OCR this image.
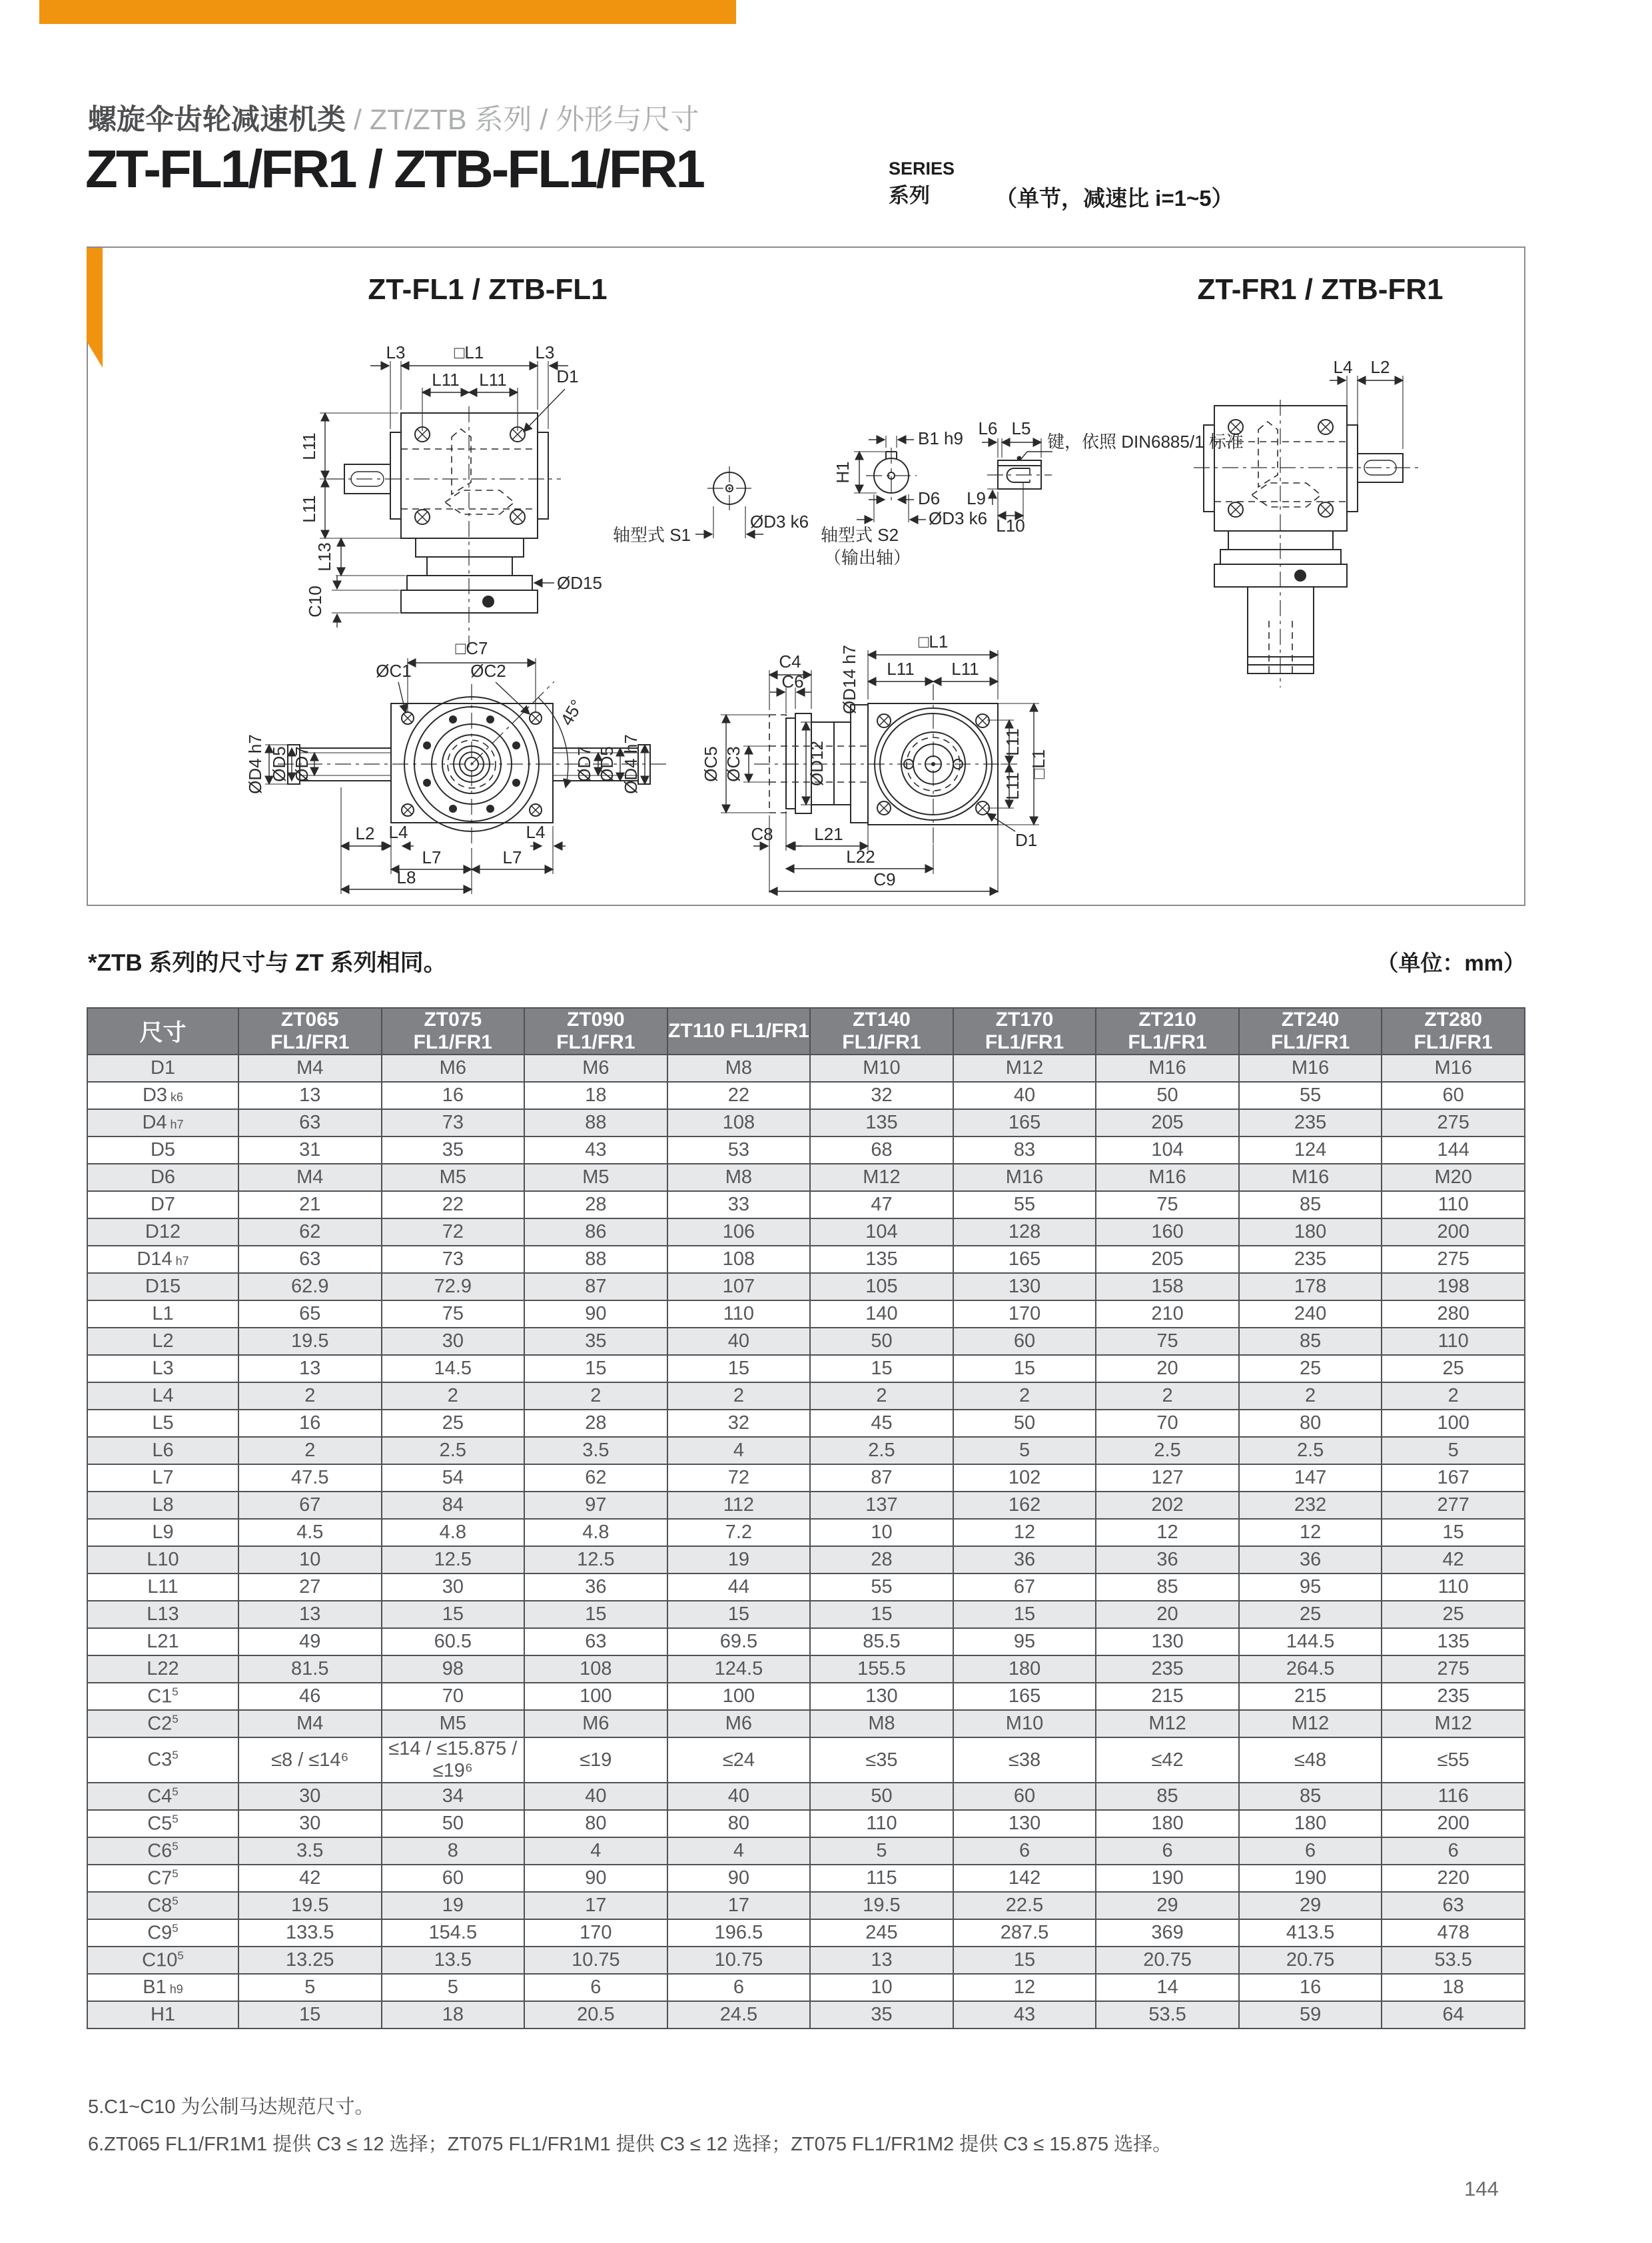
螺旋伞齿轮减速机类 / ZT/ZTB 系列 / 外形与尺寸
ZT-FL1/FR1 / ZTB-FL1/FR1	SERIES
系列	（单节，减速比 i=1~5）
ZT-FL1 / ZTB-FL1	ZT-FR1 / ZTB-FR1
L3	□L1	L3
L11 L11	D1
L11
L11
L13
C10
ØD15
□C7
ØC1	ØC2
45°
ØD4 h7 ØD5 ØD7	ØD7 ØD5 ØD4 h7
L2 L4	L4
L7	L7
L8
轴型式 S1
ØD3 k6
B1 h9
H1
D6
ØD3 k6
轴型式 S2
（输出轴）
L6 L5
键，依照 DIN6885/1 标准
L9
L10
L4 L2
C4
C6 ØD14 h7
□L1
L11 L11
ØC5 ØC3	ØD12	L11
L11
□L1
C8 L21
L22
C9
D1
*ZTB 系列的尺寸与 ZT 系列相同。	（单位：mm）
尺寸	ZT065 FL1/FR1	ZT075 FL1/FR1	ZT090 FL1/FR1	ZT110 FL1/FR1	ZT140 FL1/FR1	ZT170 FL1/FR1	ZT210 FL1/FR1	ZT240 FL1/FR1	ZT280 FL1/FR1
D1	M4	M6	M6	M8	M10	M12	M16	M16	M16
D3 k6	13	16	18	22	32	40	50	55	60
D4 h7	63	73	88	108	135	165	205	235	275
D5	31	35	43	53	68	83	104	124	144
D6	M4	M5	M5	M8	M12	M16	M16	M16	M20
D7	21	22	28	33	47	55	75	85	110
D12	62	72	86	106	104	128	160	180	200
D14 h7	63	73	88	108	135	165	205	235	275
D15	62.9	72.9	87	107	105	130	158	178	198
L1	65	75	90	110	140	170	210	240	280
L2	19.5	30	35	40	50	60	75	85	110
L3	13	14.5	15	15	15	15	20	25	25
L4	2	2	2	2	2	2	2	2	2
L5	16	25	28	32	45	50	70	80	100
L6	2	2.5	3.5	4	2.5	5	2.5	2.5	5
L7	47.5	54	62	72	87	102	127	147	167
L8	67	84	97	112	137	162	202	232	277
L9	4.5	4.8	4.8	7.2	10	12	12	12	15
L10	10	12.5	12.5	19	28	36	36	36	42
L11	27	30	36	44	55	67	85	95	110
L13	13	15	15	15	15	15	20	25	25
L21	49	60.5	63	69.5	85.5	95	130	144.5	135
L22	81.5	98	108	124.5	155.5	180	235	264.5	275
$C1^5$	46	70	100	100	130	165	215	215	235
$C2^5$	M4	M5	M6	M6	M8	M10	M12	M12	M12
$C3^5$	≤8 / ≤14⁶	≤14 / ≤15.875 / ≤19⁶	≤19	≤24	≤35	≤38	≤42	≤48	≤55
$C4^5$	30	34	40	40	50	60	85	85	116
$C5^5$	30	50	80	80	110	130	180	180	200
$C6^5$	3.5	8	4	4	5	6	6	6	6
$C7^5$	42	60	90	90	115	142	190	190	220
$C8^5$	19.5	19	17	17	19.5	22.5	29	29	63
$C9^5$	133.5	154.5	170	196.5	245	287.5	369	413.5	478
$C10^5$	13.25	13.5	10.75	10.75	13	15	20.75	20.75	53.5
B1 h9	5	5	6	6	10	12	14	16	18
H1	15	18	20.5	24.5	35	43	53.5	59	64
5.C1~C10 为公制马达规范尺寸。
6.ZT065 FL1/FR1M1 提供 C3 ≤ 12 选择；ZT075 FL1/FR1M1 提供 C3 ≤ 12 选择；ZT075 FL1/FR1M2 提供 C3 ≤ 15.875 选择。
144
